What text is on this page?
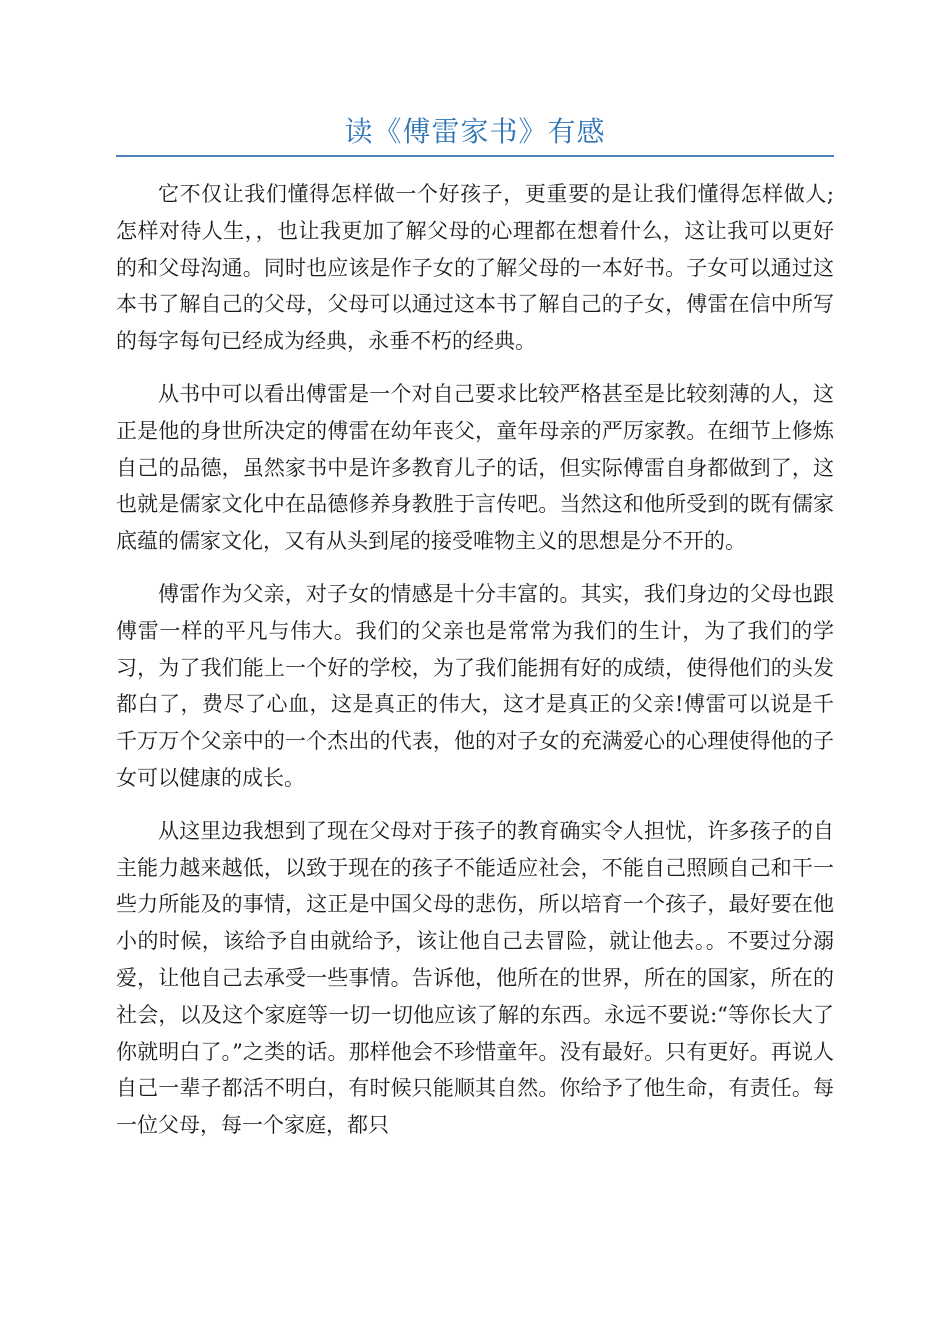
读《傅雷家书》有感

它不仅让我们懂得怎样做一个好孩子，更重要的是让我们懂得怎样做人;怎样对待人生，，也让我更加了解父母的心理都在想着什么，这让我可以更好的和父母沟通。同时也应该是作子女的了解父母的一本好书。子女可以通过这本书了解自己的父母，父母可以通过这本书了解自己的子女，傅雷在信中所写的每字每句已经成为经典，永垂不朽的经典。

从书中可以看出傅雷是一个对自己要求比较严格甚至是比较刻薄的人，这正是他的身世所决定的傅雷在幼年丧父，童年母亲的严厉家教。在细节上修炼自己的品德，虽然家书中是许多教育儿子的话，但实际傅雷自身都做到了，这也就是儒家文化中在品德修养身教胜于言传吧。当然这和他所受到的既有儒家底蕴的儒家文化，又有从头到尾的接受唯物主义的思想是分不开的。

傅雷作为父亲，对子女的情感是十分丰富的。其实，我们身边的父母也跟傅雷一样的平凡与伟大。我们的父亲也是常常为我们的生计，为了我们的学习，为了我们能上一个好的学校，为了我们能拥有好的成绩，使得他们的头发都白了，费尽了心血，这是真正的伟大，这才是真正的父亲!傅雷可以说是千千万万个父亲中的一个杰出的代表，他的对子女的充满爱心的心理使得他的子女可以健康的成长。

从这里边我想到了现在父母对于孩子的教育确实令人担忧，许多孩子的自主能力越来越低，以致于现在的孩子不能适应社会，不能自己照顾自己和干一些力所能及的事情，这正是中国父母的悲伤，所以培育一个孩子，最好要在他小的时候，该给予自由就给予，该让他自己去冒险，就让他去。。不要过分溺爱，让他自己去承受一些事情。告诉他，他所在的世界，所在的国家，所在的社会，以及这个家庭等一切一切他应该了解的东西。永远不要说:“等你长大了你就明白了。”之类的话。那样他会不珍惜童年。没有最好。只有更好。再说人自己一辈子都活不明白，有时候只能顺其自然。你给予了他生命，有责任。每一位父母，每一个家庭，都只
